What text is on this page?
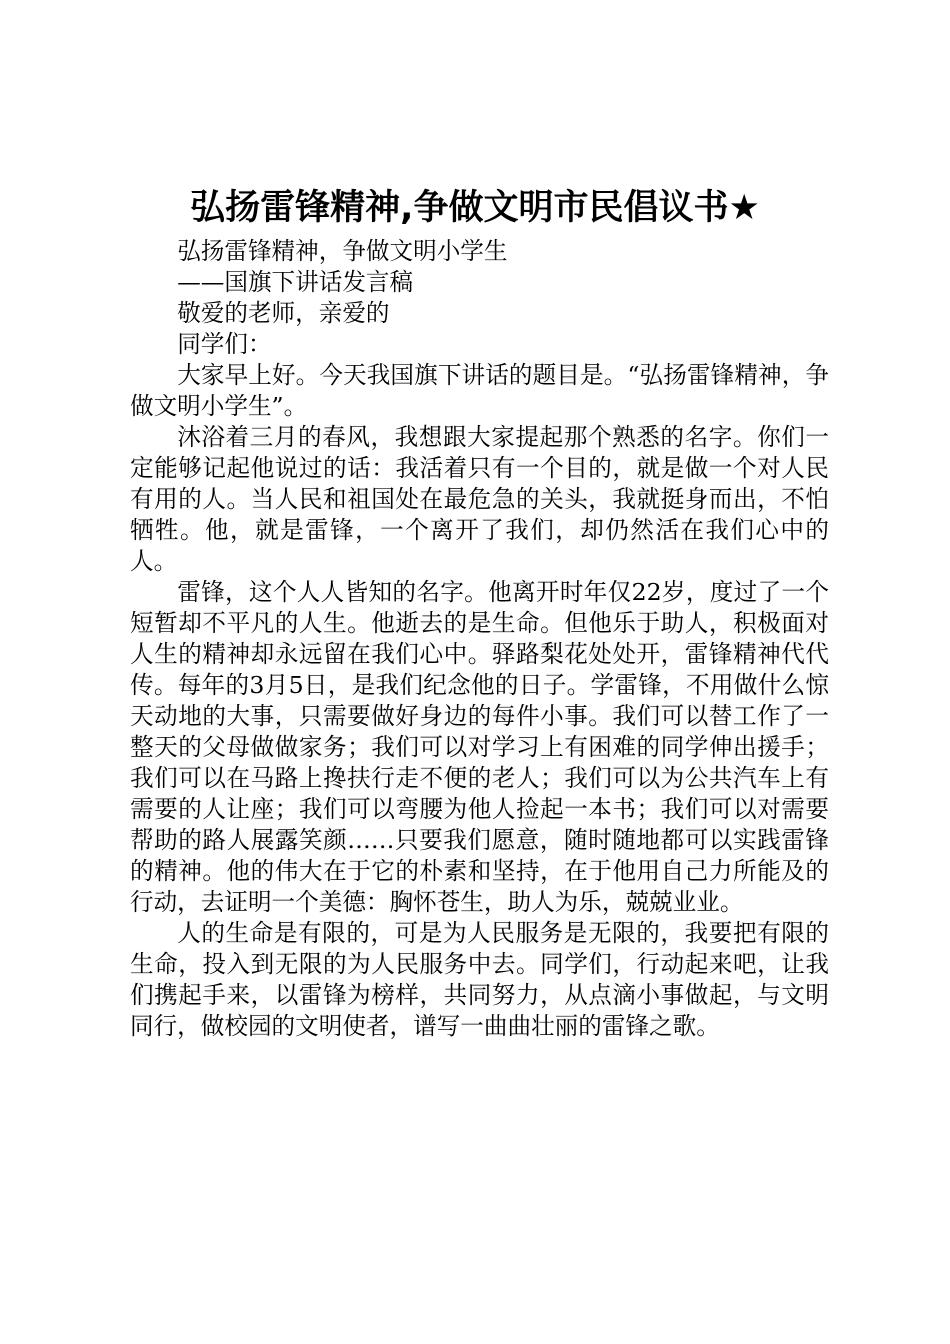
弘扬雷锋精神,争做文明市民倡议书★

弘扬雷锋精神，争做文明小学生

——国旗下讲话发言稿

敬爱的老师，亲爱的

同学们：

大家早上好。今天我国旗下讲话的题目是。“弘扬雷锋精神，争做文明小学生”。

沐浴着三月的春风，我想跟大家提起那个熟悉的名字。你们一定能够记起他说过的话：我活着只有一个目的，就是做一个对人民有用的人。当人民和祖国处在最危急的关头，我就挺身而出，不怕牺牲。他，就是雷锋，一个离开了我们，却仍然活在我们心中的人。

雷锋，这个人人皆知的名字。他离开时年仅22岁，度过了一个短暂却不平凡的人生。他逝去的是生命。但他乐于助人，积极面对人生的精神却永远留在我们心中。驿路梨花处处开，雷锋精神代代传。每年的3月5日，是我们纪念他的日子。学雷锋，不用做什么惊天动地的大事，只需要做好身边的每件小事。我们可以替工作了一整天的父母做做家务；我们可以对学习上有困难的同学伸出援手；我们可以在马路上搀扶行走不便的老人；我们可以为公共汽车上有需要的人让座；我们可以弯腰为他人捡起一本书；我们可以对需要帮助的路人展露笑颜……只要我们愿意，随时随地都可以实践雷锋的精神。他的伟大在于它的朴素和坚持，在于他用自己力所能及的行动，去证明一个美德：胸怀苍生，助人为乐，兢兢业业。

人的生命是有限的，可是为人民服务是无限的，我要把有限的生命，投入到无限的为人民服务中去。同学们，行动起来吧，让我们携起手来，以雷锋为榜样，共同努力，从点滴小事做起，与文明同行，做校园的文明使者，谱写一曲曲壮丽的雷锋之歌。
